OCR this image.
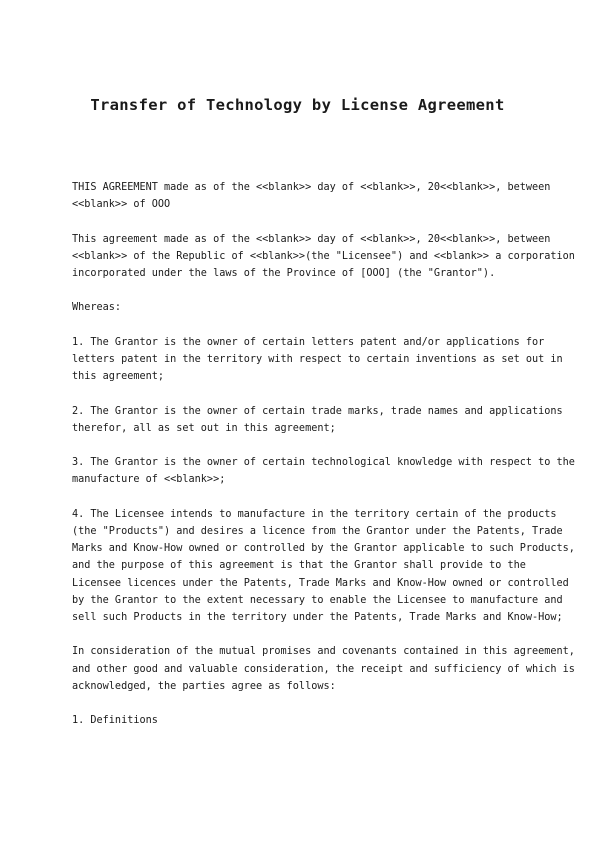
Transfer of Technology by License Agreement

THIS AGREEMENT made as of the <<blank>> day of <<blank>>, 20<<blank>>, between
<<blank>> of OOO

This agreement made as of the <<blank>> day of <<blank>>, 20<<blank>>, between
<<blank>> of the Republic of <<blank>>(the "Licensee") and <<blank>> a corporation
incorporated under the laws of the Province of [OOO] (the "Grantor").

Whereas:

1. The Grantor is the owner of certain letters patent and/or applications for
letters patent in the territory with respect to certain inventions as set out in
this agreement;

2. The Grantor is the owner of certain trade marks, trade names and applications
therefor, all as set out in this agreement;

3. The Grantor is the owner of certain technological knowledge with respect to the
manufacture of <<blank>>;

4. The Licensee intends to manufacture in the territory certain of the products
(the "Products") and desires a licence from the Grantor under the Patents, Trade
Marks and Know-How owned or controlled by the Grantor applicable to such Products,
and the purpose of this agreement is that the Grantor shall provide to the
Licensee licences under the Patents, Trade Marks and Know-How owned or controlled
by the Grantor to the extent necessary to enable the Licensee to manufacture and
sell such Products in the territory under the Patents, Trade Marks and Know-How;

In consideration of the mutual promises and covenants contained in this agreement,
and other good and valuable consideration, the receipt and sufficiency of which is
acknowledged, the parties agree as follows:

1. Definitions
